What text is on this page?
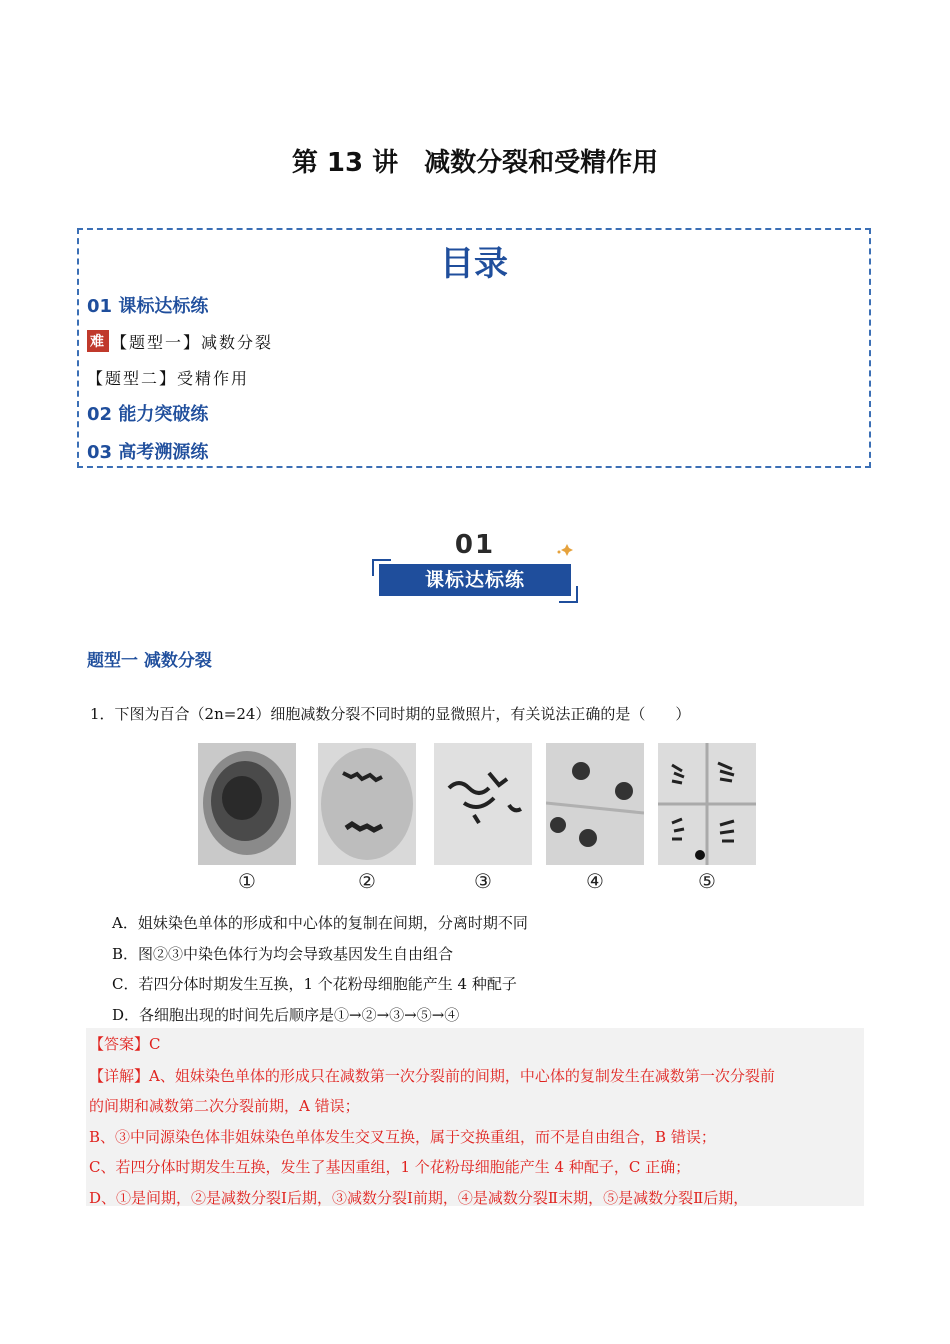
第 13 讲　减数分裂和受精作用
目录
01 课标达标练
难 【题型一】减数分裂
【题型二】受精作用
02 能力突破练
03 高考溯源练
01
课标达标练
题型一 减数分裂
1．下图为百合（2n=24）细胞减数分裂不同时期的显微照片，有关说法正确的是（　　）
①	②	③	④	⑤
A．姐妹染色单体的形成和中心体的复制在间期，分离时期不同
B．图②③中染色体行为均会导致基因发生自由组合
C．若四分体时期发生互换，1 个花粉母细胞能产生 4 种配子
D．各细胞出现的时间先后顺序是①→②→③→⑤→④
【答案】C
【详解】A、姐妹染色单体的形成只在减数第一次分裂前的间期，中心体的复制发生在减数第一次分裂前
的间期和减数第二次分裂前期，A 错误；
B、③中同源染色体非姐妹染色单体发生交叉互换，属于交换重组，而不是自由组合，B 错误；
C、若四分体时期发生互换，发生了基因重组，1 个花粉母细胞能产生 4 种配子，C 正确；
D、①是间期，②是减数分裂Ⅰ后期，③减数分裂Ⅰ前期，④是减数分裂Ⅱ末期，⑤是减数分裂Ⅱ后期，
